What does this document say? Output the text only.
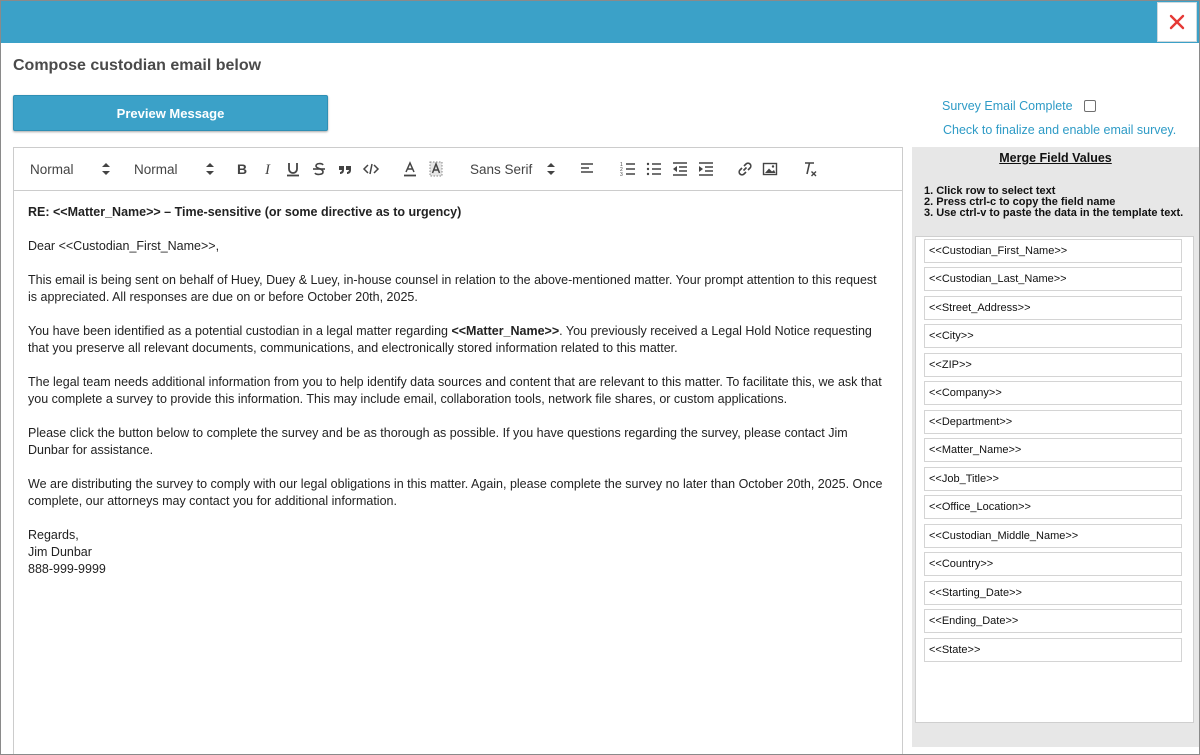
Compose custodian email below
Preview Message	Survey Email Complete
Check to finalize and enable email survey.
Normal	Normal	B I	Sans Serif	1
2
3

RE: <<Matter_Name>> – Time-sensitive (or some directive as to urgency)

Dear <<Custodian_First_Name>>,

This email is being sent on behalf of Huey, Duey & Luey, in-house counsel in relation to the above-mentioned matter. Your prompt attention to this request is appreciated. All responses are due on or before October 20th, 2025.

You have been identified as a potential custodian in a legal matter regarding <<Matter_Name>>. You previously received a Legal Hold Notice requesting that you preserve all relevant documents, communications, and electronically stored information related to this matter.

The legal team needs additional information from you to help identify data sources and content that are relevant to this matter. To facilitate this, we ask that you complete a survey to provide this information. This may include email, collaboration tools, network file shares, or custom applications.

Please click the button below to complete the survey and be as thorough as possible. If you have questions regarding the survey, please contact Jim Dunbar for assistance.

We are distributing the survey to comply with our legal obligations in this matter. Again, please complete the survey no later than October 20th, 2025. Once complete, our attorneys may contact you for additional information.

Regards,

Jim Dunbar

888-999-9999

Merge Field Values
1. Click row to select text
2. Press ctrl-c to copy the field name
3. Use ctrl-v to paste the data in the template text.
<<Custodian_First_Name>>
<<Custodian_Last_Name>>
<<Street_Address>>
<<City>>
<<ZIP>>
<<Company>>
<<Department>>
<<Matter_Name>>
<<Job_Title>>
<<Office_Location>>
<<Custodian_Middle_Name>>
<<Country>>
<<Starting_Date>>
<<Ending_Date>>
<<State>>
